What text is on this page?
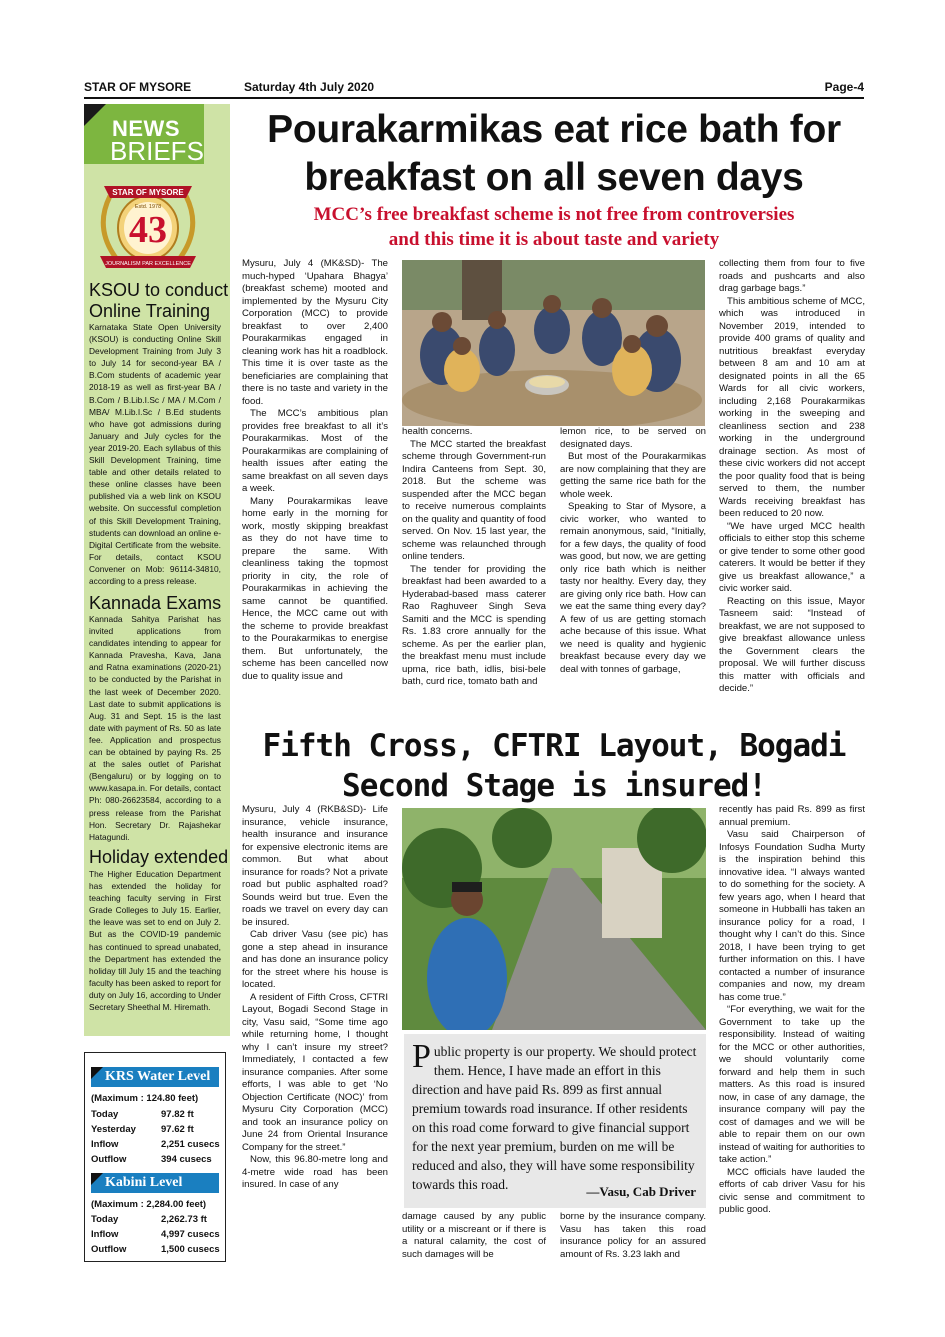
STAR OF MYSORE	Saturday 4th July 2020	Page-4
NEWS
BRIEFS
43
STAR OF MYSORE
Estd. 1978
JOURNALISM PAR EXCELLENCE
KSOU to conduct
Online Training
Karnataka State Open University (KSOU) is conducting Online Skill Development Training from July 3 to July 14 for second-year BA / B.Com students of academic year 2018-19 as well as first-year BA / B.Com / B.Lib.I.Sc / MA / M.Com / MBA/ M.Lib.I.Sc / B.Ed students who have got admissions during January and July cycles for the year 2019-20. Each syllabus of this Skill Development Training, time table and other details related to these online classes have been published via a web link on KSOU website. On successful completion of this Skill Development Training, students can download an online e-Digital Certificate from the website. For details, contact KSOU Convener on Mob: 96114-34810, according to a press release.
Kannada Exams
Kannada Sahitya Parishat has invited applications from candidates intending to appear for Kannada Pravesha, Kava, Jana and Ratna examinations (2020-21) to be conducted by the Parishat in the last week of December 2020. Last date to submit applications is Aug. 31 and Sept. 15 is the last date with payment of Rs. 50 as late fee. Application and prospectus can be obtained by paying Rs. 25 at the sales outlet of Parishat (Bengaluru) or by logging on to www.kasapa.in. For details, contact Ph: 080-26623584, according to a press release from the Parishat Hon. Secretary Dr. Rajashekar Hatagundi.
Holiday extended
The Higher Education Department has extended the holiday for teaching faculty serving in First Grade Colleges to July 15. Earlier, the leave was set to end on July 2. But as the COVID-19 pandemic has continued to spread unabated, the Department has extended the holiday till July 15 and the teaching faculty has been asked to report for duty on July 16, according to Under Secretary Sheethal M. Hiremath.
KRS Water Level
(Maximum : 124.80 feet)
Today	97.82 ft
Yesterday	97.62 ft
Inflow	2,251 cusecs
Outflow	394 cusecs
Kabini Level
(Maximum : 2,284.00 feet)
Today	2,262.73 ft
Inflow	4,997 cusecs
Outflow	1,500 cusecs
Pourakarmikas eat rice bath for
breakfast on all seven days
MCC’s free breakfast scheme is not free from controversies
and this time it is about taste and variety

Mysuru, July 4 (MK&SD)- The much-hyped ‘Upahara Bhagya’ (breakfast scheme) mooted and implemented by the Mysuru City Corporation (MCC) to provide breakfast to over 2,400 Pourakarmikas engaged in cleaning work has hit a roadblock. This time it is over taste as the beneficiaries are complaining that there is no taste and variety in the food.

The MCC’s ambitious plan provides free breakfast to all it’s Pourakarmikas. Most of the Pourakarmikas are complaining of health issues after eating the same breakfast on all seven days a week.

Many Pourakarmikas leave home early in the morning for work, mostly skipping breakfast as they do not have time to prepare the same. With cleanliness taking the topmost priority in city, the role of Pourakarmikas in achieving the same cannot be quantified. Hence, the MCC came out with the scheme to provide breakfast to the Pourakarmikas to energise them. But unfortunately, the scheme has been cancelled now due to quality issue and

health concerns.

The MCC started the breakfast scheme through Government-run Indira Canteens from Sept. 30, 2018. But the scheme was suspended after the MCC began to receive numerous complaints on the quality and quantity of food served. On Nov. 15 last year, the scheme was relaunched through online tenders.

The tender for providing the breakfast had been awarded to a Hyderabad-based mass caterer Rao Raghuveer Singh Seva Samiti and the MCC is spending Rs. 1.83 crore annually for the scheme. As per the earlier plan, the breakfast menu must include upma, rice bath, idlis, bisi-bele bath, curd rice, tomato bath and

lemon rice, to be served on designated days.

But most of the Pourakarmikas are now complaining that they are getting the same rice bath for the whole week.

Speaking to Star of Mysore, a civic worker, who wanted to remain anonymous, said, “Initially, for a few days, the quality of food was good, but now, we are getting only rice bath which is neither tasty nor healthy. Every day, they are giving only rice bath. How can we eat the same thing every day? A few of us are getting stomach ache because of this issue. What we need is quality and hygienic breakfast because every day we deal with tonnes of garbage,

collecting them from four to five roads and pushcarts and also drag garbage bags.”

This ambitious scheme of MCC, which was introduced in November 2019, intended to provide 400 grams of quality and nutritious breakfast everyday between 8 am and 10 am at designated points in all the 65 Wards for all civic workers, including 2,168 Pourakarmikas working in the sweeping and cleanliness section and 238 working in the underground drainage section. As most of these civic workers did not accept the poor quality food that is being served to them, the number Wards receiving breakfast has been reduced to 20 now.

“We have urged MCC health officials to either stop this scheme or give tender to some other good caterers. It would be better if they give us breakfast allowance,” a civic worker said.

Reacting on this issue, Mayor Tasneem said: “Instead of breakfast, we are not supposed to give breakfast allowance unless the Government clears the proposal. We will further discuss this matter with officials and decide.”

Fifth Cross, CFTRI Layout, Bogadi
Second Stage is insured!

Mysuru, July 4 (RKB&SD)- Life insurance, vehicle insurance, health insurance and insurance for expensive electronic items are common. But what about insurance for roads? Not a private road but public asphalted road? Sounds weird but true. Even the roads we travel on every day can be insured.

Cab driver Vasu (see pic) has gone a step ahead in insurance and has done an insurance policy for the street where his house is located.

A resident of Fifth Cross, CFTRI Layout, Bogadi Second Stage in city, Vasu said, “Some time ago while returning home, I thought why I can’t insure my street? Immediately, I contacted a few insurance companies. After some efforts, I was able to get ‘No Objection Certificate (NOC)’ from Mysuru City Corporation (MCC) and took an insurance policy on June 24 from Oriental Insurance Company for the street.”

Now, this 96.80-metre long and 4-metre wide road has been insured. In case of any

Public property is our property. We should protect them. Hence, I have made an effort in this direction and have paid Rs. 899 as first annual premium towards road insurance. If other residents on this road come forward to give financial support for the next year premium, burden on me will be reduced and also, they will have some responsibility towards this road.	—Vasu, Cab Driver

damage caused by any public utility or a miscreant or if there is a natural calamity, the cost of such damages will be

borne by the insurance company. Vasu has taken this road insurance policy for an assured amount of Rs. 3.23 lakh and

recently has paid Rs. 899 as first annual premium.

Vasu said Chairperson of Infosys Foundation Sudha Murty is the inspiration behind this innovative idea. “I always wanted to do something for the society. A few years ago, when I heard that someone in Hubballi has taken an insurance policy for a road, I thought why I can’t do this. Since 2018, I have been trying to get further information on this. I have contacted a number of insurance companies and now, my dream has come true.”

“For everything, we wait for the Government to take up the responsibility. Instead of waiting for the MCC or other authorities, we should voluntarily come forward and help them in such matters. As this road is insured now, in case of any damage, the insurance company will pay the cost of damages and we will be able to repair them on our own instead of waiting for authorities to take action.”

MCC officials have lauded the efforts of cab driver Vasu for his civic sense and commitment to public good.
